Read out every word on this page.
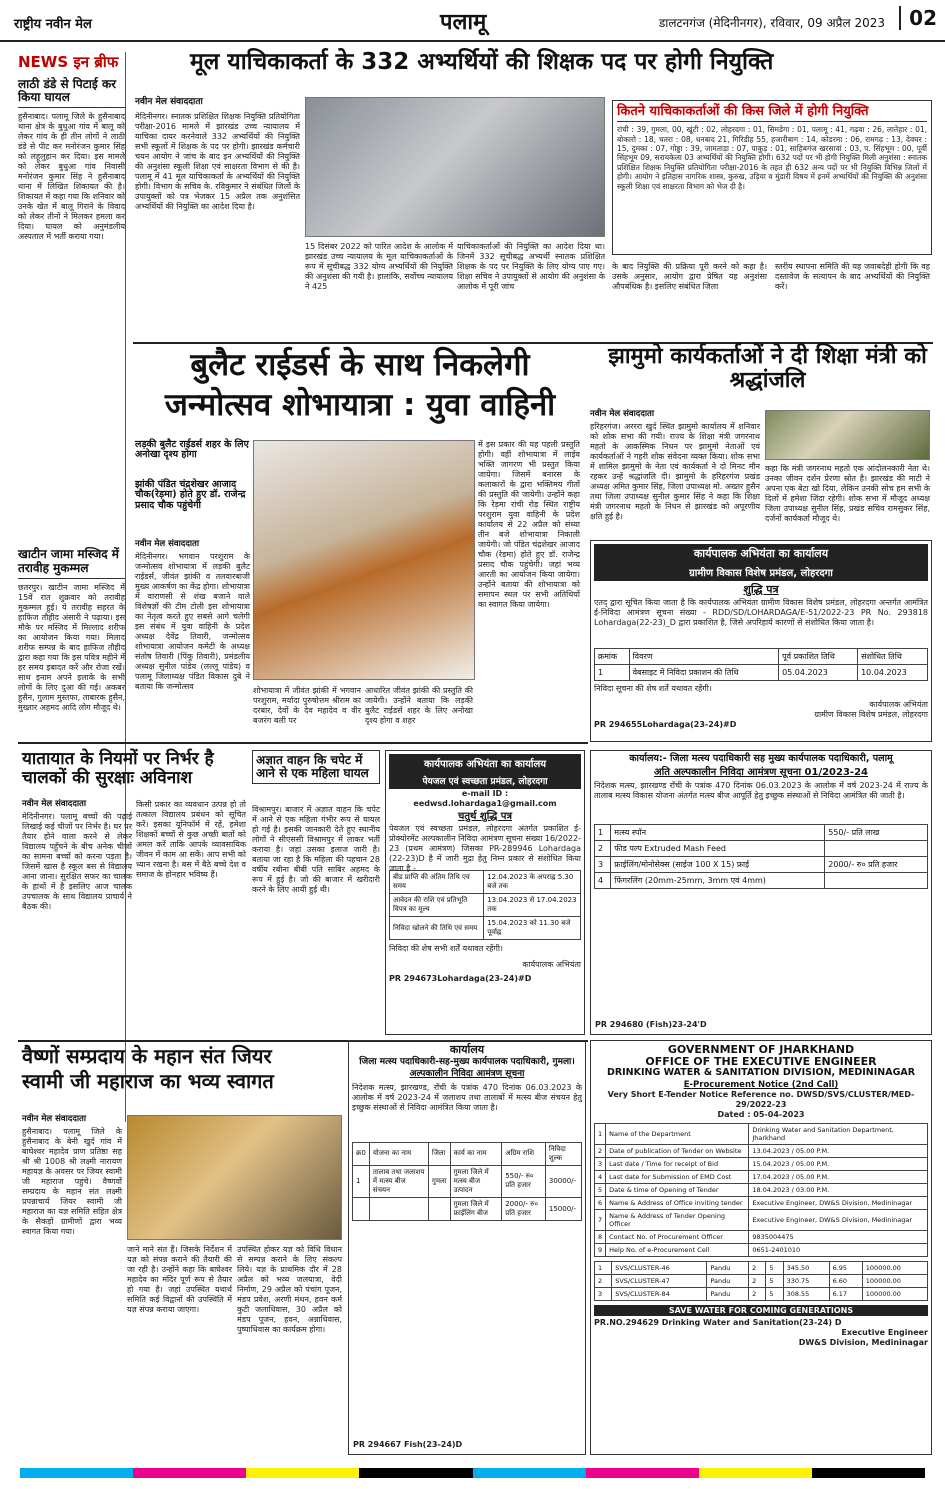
राष्ट्रीय नवीन मेल	पलामू	डालटनगंज (मेदिनीनगर), रविवार, 09 अप्रैल 2023	02
NEWS इन ब्रीफ
लाठी डंडे से पिटाई कर किया घायल
हुसैनाबाद। पलामू जिले के हुसैनाबाद थाना क्षेत्र के बुधुआ गांव में बालू को लेकर गांव के ही तीन लोगों ने लाठी डंडे से पीट कर मनोरंजन कुमार सिंह को लहूलुहान कर दिया। इस मामले को लेकर बुधुआ गांव निवासी मनोरंजन कुमार सिंह ने हुसैनाबाद थाना में लिखित शिकायत की है। शिकायत में कहा गया कि शनिवार को उनके खेत में बालू गिराने के विवाद को लेकर तीनों ने मिलकर हमला कर दिया। घायल को अनुमंडलीय अस्पताल में भर्ती कराया गया।
खाटीन जामा मस्जिद में तरावीह मुकम्मल
छतरपुर। खाटीन जामा मस्जिद में 15वें रात शुक्रवार को तरावीह मुकम्मल हुई। ये तरावीह सहरत के हाफिज तौहीद अंसारी ने पढ़ाया। इस मौके पर मस्जिद में मिल्लाद शरीफ का आयोजन किया गया। मिलाद शरीफ सम्पन्न के बाद हाफिज तौहीद द्वारा कहा गया कि इस पवित्र महीने में हर समय इबादत करें और रोजा रखें। साथ इनाम अपने इलाके के सभी लोगों के लिए दुआ की गई। अकबर हुसैन, गुलाम मुस्तफा, ताबारक हुसैन, मुख्तार अहमद आदि लोग मौजूद थे।
मूल याचिकाकर्ता के 332 अभ्यर्थियों की शिक्षक पद पर होगी नियुक्ति
नवीन मेल संवाददाता
मेदिनीनगर। स्नातक प्रशिक्षित शिक्षक नियुक्ति प्रतियोगिता परीक्षा-2016 मामले में झारखंड उच्च न्यायालय में याचिका दायर करनेवाले 332 अभ्यर्थियों की नियुक्ति सभी स्कूलों में शिक्षक के पद पर होगी। झारखंड कर्मचारी चयन आयोग ने जांच के बाद इन अभ्यर्थियों की नियुक्ति की अनुशंसा स्कूली शिक्षा एवं साक्षरता विभाग से की है। पलामू में 41 मूल याचिकाकर्ता के अभ्यर्थियों की नियुक्ति होगी। विभाग के सचिव के. रविकुमार ने संबंधित जिलों के उपायुक्तों को पत्र भेजकर 15 अप्रैल तक अनुशंसित अभ्यर्थियों की नियुक्ति का आदेश दिया है।
15 दिसंबर 2022 को पारित आदेश के आलोक में झारखंड उच्च न्यायालय के मूल याचिकाकर्ताओं के रूप में सूचीबद्ध 332 योग्य अभ्यर्थियों की नियुक्ति की अनुशंसा की गयी है। हालांकि, सर्वोच्च न्यायालय ने 425
याचिकाकर्ताओं की नियुक्ति का आदेश दिया था। जिनमें 332 सूचीबद्ध अभ्यर्थी स्नातक प्रशिक्षित शिक्षक के पद पर नियुक्ति के लिए योग्य पाए गए। शिक्षा सचिव ने उपायुक्तों से आयोग की अनुशंसा के आलोक में पूरी जांच
कितने याचिकाकर्ताओं की किस जिले में होगी नियुक्ति
रांची : 39, गुमला, 00, खूंटी : 02, लोहरदगा : 01, सिमडेगा : 01, पलामू : 41, गढ़वा : 26, लातेहार : 01, बोकारो : 18, चतरा : 08, धनबाद 21, गिरिडीह 55, हजारीबाग : 14, कोडरमा : 06, रामगढ़ : 13, देवघर : 15, दुमका : 07, गोड्डा : 39, जामताड़ा : 07, पाकुड़ : 01, साहिबगंज खरसावां : 03, प. सिंहभूम : 00, पूर्वी सिंहभूम 09, सरायकेला 03 अभ्यर्थियों की नियुक्ति होगी। 632 पदों पर भी होगी नियुक्ति मिली अनुशंसा : स्नातक प्रशिक्षित शिक्षक नियुक्ति प्रतियोगिता परीक्षा-2016 के तहत ही 632 अन्य पदों पर भी नियुक्ति विभिन्न जिलों में होगी। आयोग ने इतिहास नागरिक शास्त्र, कुरुख, उड़िया व मुंडारी विषय में इनमें अभ्यर्थियों की नियुक्ति की अनुशंसा स्कूली शिक्षा एवं साक्षरता विभाग को भेज दी है।
के बाद नियुक्ति की प्रक्रिया पूरी करने को कहा है। उसके अनुसार, आयोग द्वारा प्रेषित यह अनुशंसा औपबंधिक है। इसलिए संबंधित जिला
स्तरीय स्थापना समिति की यह जवाबदेही होगी कि वह दस्तावेज के सत्यापन के बाद अभ्यर्थियों की नियुक्ति करें।
बुलैट राईडर्स के साथ निकलेगी
जन्मोत्सव शोभायात्रा : युवा वाहिनी
लड़की बुलैट राईडर्स शहर के लिए अनोखा दृश्य होगा
झांकी पंडित चंद्रशेखर आजाद चौक(रेड़मा) होते हुए डॉ. राजेन्द्र प्रसाद चौक पहुंचेगी
नवीन मेल संवाददाता
मेदिनीनगर। भगवान परशुराम के जन्मोत्सव शोभायात्रा में लड़की बुलैट राईडर्स, जीवंत झांकी व तलवारबाजी मुख्य आकर्षण का केंद्र होगा। शोभायात्रा में वाराणसी से शंख बजाने वाले विशेषज्ञों की टीम टोली इस शोभायात्रा का नेतृत्व करते हुए सबसे आगे चलेगी इस संबंध में युवा वाहिनी के प्रदेश अध्यक्ष देवेंद्र तिवारी, जन्मोत्सव शोभायात्रा आयोजन कमेटी के अध्यक्ष संतोष तिवारी (पिंकू तिवारी), प्रमंडलीय अध्यक्ष सुनील पांडेय (लल्लू पांडेय) व पलामू जिलाध्यक्ष पंडित विकास दुबे ने बताया कि जन्मोत्सव	शोभायात्रा में जीवंत झांकी में भगवान परशुराम, मर्यादा पुरुषोत्तम श्रीराम का दरबार, देवों के देव महादेव व वीर बजरंग बली पर
आधारित जीवंत झांकी की प्रस्तुति की जायेगी। उन्होंने बताया कि लड़की बुलैट राईडर्स शहर के लिए अनोखा दृश्य होगा व शहर
में इस प्रकार की यह पहली प्रस्तुति होगी। वहीं शोभायात्रा में लाईव भक्ति जागरण भी प्रस्तुत किया जायेगा। जिसमें बनारस के कलाकारों के द्वारा भक्तिमय गीतों की प्रस्तुति की जायेगी। उन्होंने कहा कि रेड़मा रांची रोड़ स्थित राष्ट्रीय परशुराम युवा वाहिनी के प्रदेश कार्यालय से 22 अप्रैल को संध्या तीन बजे शोभायात्रा निकाली जायेगी। जो पंडित चंद्रशेखर आजाद चौक (रेड़मा) होते हुए डॉ. राजेन्द्र प्रसाद चौक पहुंचेगी। जहां भव्य आरती का आयोजन किया जायेगा। उन्होंने बताया की शोभायात्रा को समापन स्थल पर सभी अतिथियों का स्वागत किया जायेगा।
झामुमो कार्यकर्ताओं ने दी शिक्षा मंत्री को श्रद्धांजलि
नवीन मेल संवाददाता
हरिहरगंज। अरररा खुर्द स्थित झामुमो कार्यालय में शनिवार को शोक सभा की गयी। राज्य के शिक्षा मंत्री जगरनाथ महतो के आकस्मिक निधन पर झामुमो नेताओं एवं कार्यकर्ताओं ने गहरी शोक संवेदना व्यक्त किया। शोक सभा में शामिल झामुमो के नेता एवं कार्यकर्ता ने दो मिनट मौन रहकर उन्हें श्रद्धांजलि दी। झामुमो के हरिहरगंज प्रखंड अध्यक्ष अमित कुमार सिंह, जिला उपाध्यक्ष मो. अख्तर हुसैन तथा जिला उपाध्यक्ष सुनील कुमार सिंह ने कहा कि शिक्षा मंत्री जगरनाथ महतो के निधन से झारखंड को अपूरणीय क्षति हुई है।
कहा कि मंत्री जगरनाथ महतो एक आंदोलनकारी नेता थे। उनका जीवन दर्शन प्रेरणा स्रोत है। झारखंड की माटी ने अपना एक बेटा खो दिया, लेकिन उनकी सोच हम सभी के दिलों में हमेशा जिंदा रहेगी। शोक सभा में मौजूद अध्यक्ष जिला उपाध्यक्ष सुनील सिंह, प्रखंड सचिव रामसुकर सिंह, दर्जनों कार्यकर्ता मौजूद थे।
कार्यपालक अभियंता का कार्यालय
ग्रामीण विकास विशेष प्रमंडल, लोहरदगा
शुद्धि पत्र
एतद् द्वारा सूचित किया जाता है कि कार्यपालक अभियंता ग्रामीण विकास विशेष प्रमंडल, लोहरदगा अन्तर्गत आमंत्रित ई-निविदा आमंत्रण सूचना संख्या - RDD/SD/LOHARDAGA/E-51/2022-23 PR No. 293818 Lohardaga(22-23)_D द्वारा प्रकाशित है, जिसे अपरिहार्य कारणों से संशोधित किया जाता है।
क्रमांक	विवरण	पूर्व प्रकाशित तिथि	संशोधित तिथि
1	वेबसाइट में निविदा प्रकाशन की तिथि	05.04.2023	10.04.2023
निविदा सूचना की शेष शर्ते यथावत रहेंगी।
कार्यपालक अभियंता
ग्रामीण विकास विशेष प्रमंडल, लोहरदगा
PR 294655Lohardaga(23-24)#D
यातायात के नियमों पर निर्भर है चालकों की सुरक्षाः अविनाश
नवीन मेल संवाददाता
मेदिनीनगर। पलामू बच्चों की पढ़ाई लिखाई कई चीजों पर निर्भर है। घर पर तैयार होने वाला करने से लेकर विद्यालय पहुँचने के बीच अनेक चीजों का सामना बच्चों को करना पड़ता है। जिसमें खास है स्कूल बस से विद्यालय आना जाना। सुरक्षित सफर का चालक के हाथों में है इसलिए आज चालक उपचालक के साथ विद्यालय प्राचार्य ने बैठक की।
किसी प्रकार का व्यवधान उत्पन्न हो तो तत्काल विद्यालय प्रबंधन को सूचित करें। इसका यूनिफॉर्म में रहें, हमेशा शिक्षकों बच्चों से कुछ अच्छी बातों को अमल करें ताकि आपके व्यावसायिक जीवन में काम आ सकें। आप सभी को ध्यान रखना है। बस में बैठे बच्चे देश व समाज के होनहार भविष्य हैं।
अज्ञात वाहन कि चपेट में आने से एक महिला घायल
विश्रामपुर। बाजार में अज्ञात वाहन कि चपेट में आने से एक महिला गंभीर रूप से घायल हो गई है। इसकी जानकारी देते हुए स्थानीय लोगों ने सीएससी विश्रामपुर में लाकर भर्ती कराया है। जहां उसका इलाज जारी है। बताया जा रहा है कि महिला की पहचान 28 वर्षीय रबीना बीबी पति साबिर अहमद के रूप में हुई है। जो की बाजार में खरीदारी करने के लिए आयी हुई थी।
कार्यपालक अभियंता का कार्यालय
पेयजल एवं स्वच्छता प्रमंडल, लोहरदगा
e-mail ID : eedwsd.lohardaga1@gmail.com
चतुर्थ शुद्धि पत्र
पेयजल एवं स्वच्छता प्रमंडल, लोहरदगा अंतर्गत प्रकाशित ई-प्रोक्योरमेंट अल्पकालीन निविदा आमंत्रण सूचना संख्या 16/2022-23 (प्रथम आमंत्रण) जिसका PR-289946 Lohardaga (22-23)D है में जारी मुद्रा हेतु निम्न प्रकार से संशोधित किया जाता है -
बीड प्राप्ति की अंतिम तिथि एवं समय	12.04.2023 के अपराह्न 5.30 बजे तक
आवेदन की राशि एवं प्रतिभूति विपत्र का मूल्य	13.04.2023 से 17.04.2023 तक
निविदा खोलने की तिथि एवं समय	15.04.2023 को 11.30 बजे पूर्वाह्न
निविदा की शेष सभी शर्तें यथावत रहेंगी।
कार्यपालक अभियंता
PR 294673Lohardaga(23-24)#D
कार्यालय:- जिला मत्स्य पदाधिकारी सह मुख्य कार्यपालक पदाधिकारी, पलामू
अति अल्पकालीन निविदा आमंत्रण सूचना 01/2023-24
निदेशक मत्स्य, झारखण्ड राँची के पत्रांक 470 दिनांक 06.03.2023 के आलोक में वर्ष 2023-24 में राज्य के तालाब मत्स्य विकास योजना अंतर्गत मत्स्य बीज आपूर्ति हेतु इच्छुक संस्थाओं से निविदा आमंत्रित की जाती है।
1	मत्स्य स्पॉन	550/- प्रति लाख
2	फीड पल्प Extruded Mash Feed	
3	फ्राईलिंग/मोनोसेक्स (साईज 100 X 15) फ्राई	2000/- रु० प्रति हजार
4	फिंगरलिंग (20mm-25mm, 3mm एवं 4mm)	
PR 294680 (Fish)23-24'D
वैष्णों सम्प्रदाय के महान संत जियर
स्वामी जी महाराज का भव्य स्वागत
नवीन मेल संवाददाता
हुसैनाबाद। पलामू जिले के हुसैनाबाद के बेनी खुर्द गांव में बाघेश्वर महादेव प्राण प्रतिष्ठा सह श्री श्री 1008 श्री लक्ष्मी नारायण महायज्ञ के अवसर पर जियर स्वामी जी महाराज पहुंचे। वैष्णवों सम्प्रदाय के महान संत लक्ष्मी प्रपन्नाचार्य जियर स्वामी जी महाराज का यज्ञ समिति सहित क्षेत्र के सैकड़ों ग्रामीणों द्वारा भव्य स्वागत किया गया।
जाने माने संत हैं। जिसके निर्देशन में यज्ञ को संपन्न कराने की तैयारी की जा रही है। उन्होंने कहा कि बाघेश्वर महादेव का मंदिर पूर्ण रूप से तैयार हो गया है। जहां उपस्थित यथार्थ समिति कई विद्वानों की उपस्थिति में यज्ञ संपन्न कराया जाएगा।
उपस्थित होकर यज्ञ को विधि विधान से सम्पन्न कराने के लिए संकल्प लिये। यज्ञ के प्राथमिक दौर में 28 अप्रैल को भव्य जलयात्रा, वेदी निर्माण, 29 अप्रैल को पंचांग पूजन, मंडप प्रवेश, अरणी मंथन, हवन कर्म कुटी जलाधिवास, 30 अप्रैल को मंडप पूजन, हवन, अन्नाधिवास, पुष्पाधिवास का कार्यक्रम होगा।
कार्यालय
जिला मत्स्य पदाधिकारी-सह-मुख्य कार्यपालक पदाधिकारी, गुमला।
अल्पकालीन निविदा आमंत्रण सूचना
निदेशक मत्स्य, झारखण्ड, राँची के पत्रांक 470 दिनांक 06.03.2023 के आलोक में वर्ष 2023-24 में जलाशय तथा तालाबों में मत्स्य बीज संचयन हेतु इच्छुक संस्थाओं से निविदा आमंत्रित किया जाता है।
क्र0	योजना का नाम	जिला	कार्य का नाम	अग्रिम राशि	निविदा शुल्क
1	तालाब तथा जलाशय में मत्स्य बीज संचयन	गुमला	गुमला जिले में मत्स्य बीज उत्पादन	550/- रु० प्रति हजार	30000/-
			गुमला जिले में फ्राईलिंग बीज	2000/- रु० प्रति हजार	15000/-
PR 294667 Fish(23-24)D
GOVERNMENT OF JHARKHAND
OFFICE OF THE EXECUTIVE ENGINEER
DRINKING WATER & SANITATION DIVISION, MEDININAGAR
E-Procurement Notice (2nd Call)
Very Short E-Tender Notice Reference no. DWSD/SVS/CLUSTER/MED-29/2022-23
Dated : 05-04-2023
1	Name of the Department	Drinking Water and Sanitation Department, Jharkhand
2	Date of publication of Tender on Website	13.04.2023 / 05.00 P.M.
3	Last date / Time for receipt of Bid	15.04.2023 / 05.00 P.M.
4	Last date for Submission of EMD Cost	17.04.2023 / 05.00 P.M.
5	Date & time of Opening of Tender	18.04.2023 / 03.00 P.M.
6	Name & Address of Office inviting tender	Executive Engineer, DW&S Division, Medininagar
7	Name & Address of Tender Opening Officer	Executive Engineer, DW&S Division, Medininagar
8	Contact No. of Procurement Officer	9835004475
9	Help No. of e-Procurement Cell	0651-2401010
1	SVS/CLUSTER-46	Pandu	2	5	345.50	6.95	100000.00
2	SVS/CLUSTER-47	Pandu	2	5	330.75	6.60	100000.00
3	SVS/CLUSTER-84	Pandu	2	5	308.55	6.17	100000.00
SAVE WATER FOR COMING GENERATIONS
PR.NO.294629 Drinking Water and Sanitation(23-24) D
Executive Engineer
DW&S Division, Medininagar
